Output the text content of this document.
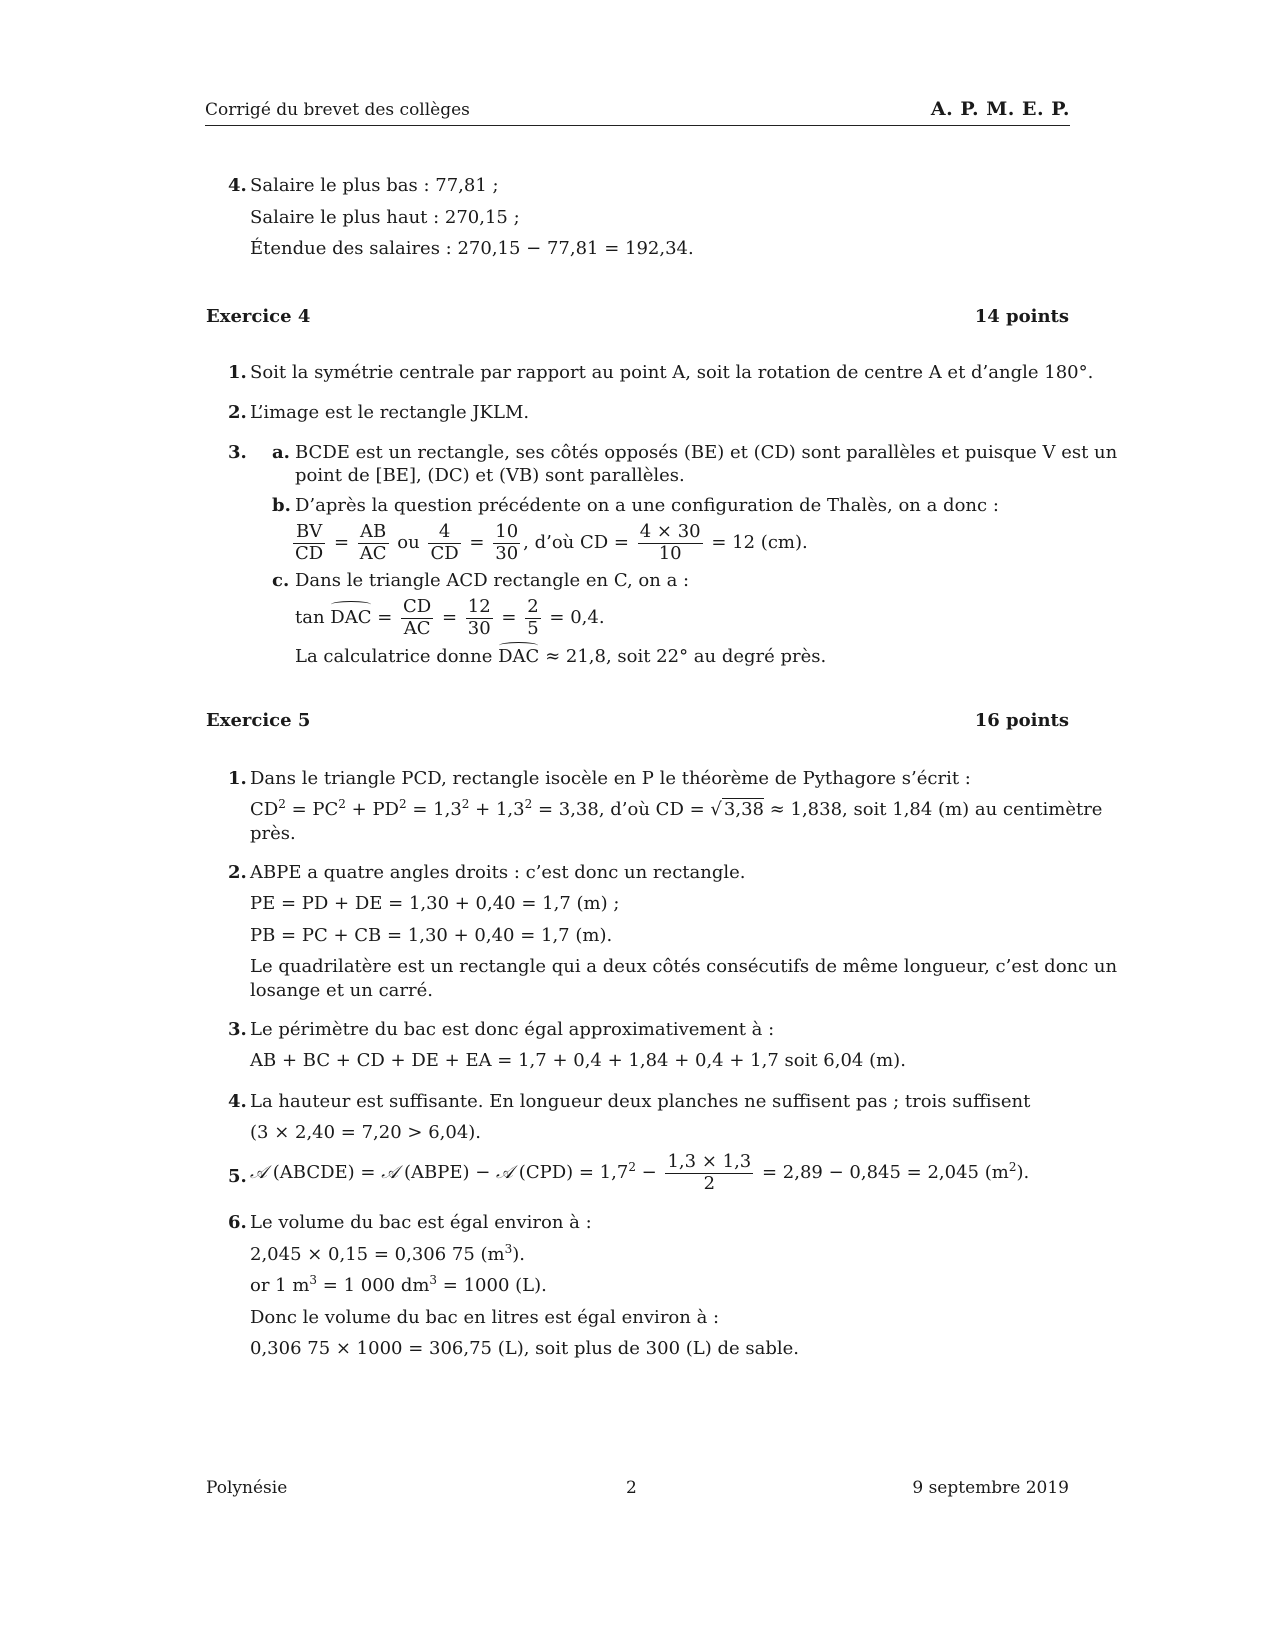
Corrigé du brevet des collèges	A. P. M. E. P.
4. Salaire le plus bas : 77,81 ;
Salaire le plus haut : 270,15 ;
Étendue des salaires : 270,15 − 77,81 = 192,34.
Exercice 4	14 points
1. Soit la symétrie centrale par rapport au point A, soit la rotation de centre A et d’angle 180°.
2. L’image est le rectangle JKLM.
3. a. BCDE est un rectangle, ses côtés opposés (BE) et (CD) sont parallèles et puisque V est un
point de [BE], (DC) et (VB) sont parallèles.
b. D’après la question précédente on a une configuration de Thalès, on a donc :
$\frac{BV}{CD} = \frac{AB}{AC}$ ou $\frac{4}{CD} = \frac{10}{30}$ , d’où CD = $\frac{4 \times 30}{10} = 12$ (cm).
c. Dans le triangle ACD rectangle en C, on a :
tan DAC = $\frac{CD}{AC} = \frac{12}{30} = \frac{2}{5} = 0,4$.
La calculatrice donne DAC ≈ 21,8, soit 22° au degré près.
Exercice 5	16 points
1. Dans le triangle PCD, rectangle isocèle en P le théorème de Pythagore s’écrit :
$CD^2 = PC^2 + PD^2 = 1,3^2 + 1,3^2 = 3,38$, d’où CD = √ 3,38 ≈ 1,838, soit 1,84 (m) au centimètre
près.
2. ABPE a quatre angles droits : c’est donc un rectangle.
PE = PD + DE = 1,30 + 0,40 = 1,7 (m) ;
PB = PC + CB = 1,30 + 0,40 = 1,7 (m).
Le quadrilatère est un rectangle qui a deux côtés consécutifs de même longueur, c’est donc un
losange et un carré.
3. Le périmètre du bac est donc égal approximativement à :
AB + BC + CD + DE + EA = 1,7 + 0,4 + 1,84 + 0,4 + 1,7 soit 6,04 (m).
4. La hauteur est suffisante. En longueur deux planches ne suffisent pas ; trois suffisent
(3 × 2,40 = 7,20 > 6,04).
5. 𝒜 (ABCDE) = 𝒜 (ABPE) − 𝒜 $(CPD) = 1,7^2 - \frac{1,3 \times 1,3}{2} = 2,89 - 0,845 = 2,045$ $(m^2)$.
6. Le volume du bac est égal environ à :
2,045 × 0,15 = 0,306 75 $(m^3)$.
or 1 $m^3 = 1$ 000 $dm^3 = 1000$ (L).
Donc le volume du bac en litres est égal environ à :
0,306 75 × 1000 = 306,75 (L), soit plus de 300 (L) de sable.
Polynésie	2	9 septembre 2019
